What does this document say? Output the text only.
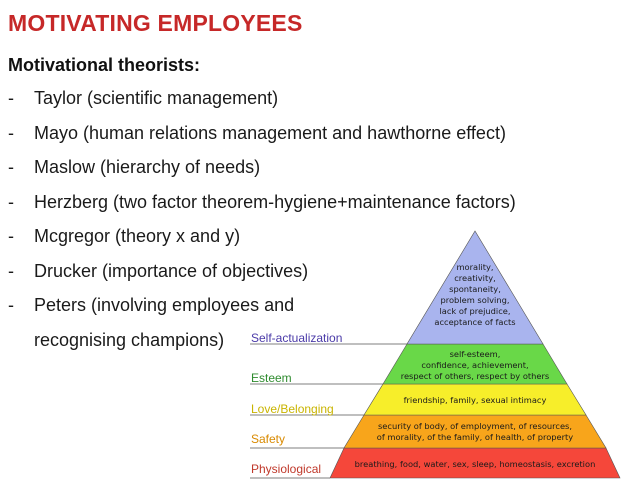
Self-actualization
Esteem
Love/Belonging
Safety
Physiological
morality,
creativity,
spontaneity,
problem solving,
lack of prejudice,
acceptance of facts
self-esteem,
confidence, achievement,
respect of others, respect by others
friendship, family, sexual intimacy
security of body, of employment, of resources,
of morality, of the family, of health, of property
breathing, food, water, sex, sleep, homeostasis, excretion
MOTIVATING EMPLOYEES
Motivational theorists:
- Taylor (scientific management)
- Mayo (human relations management and hawthorne effect)
- Maslow (hierarchy of needs)
- Herzberg (two factor theorem-hygiene+maintenance factors)
- Mcgregor (theory x and y)
- Drucker (importance of objectives)
- Peters (involving employees and
recognising champions)
